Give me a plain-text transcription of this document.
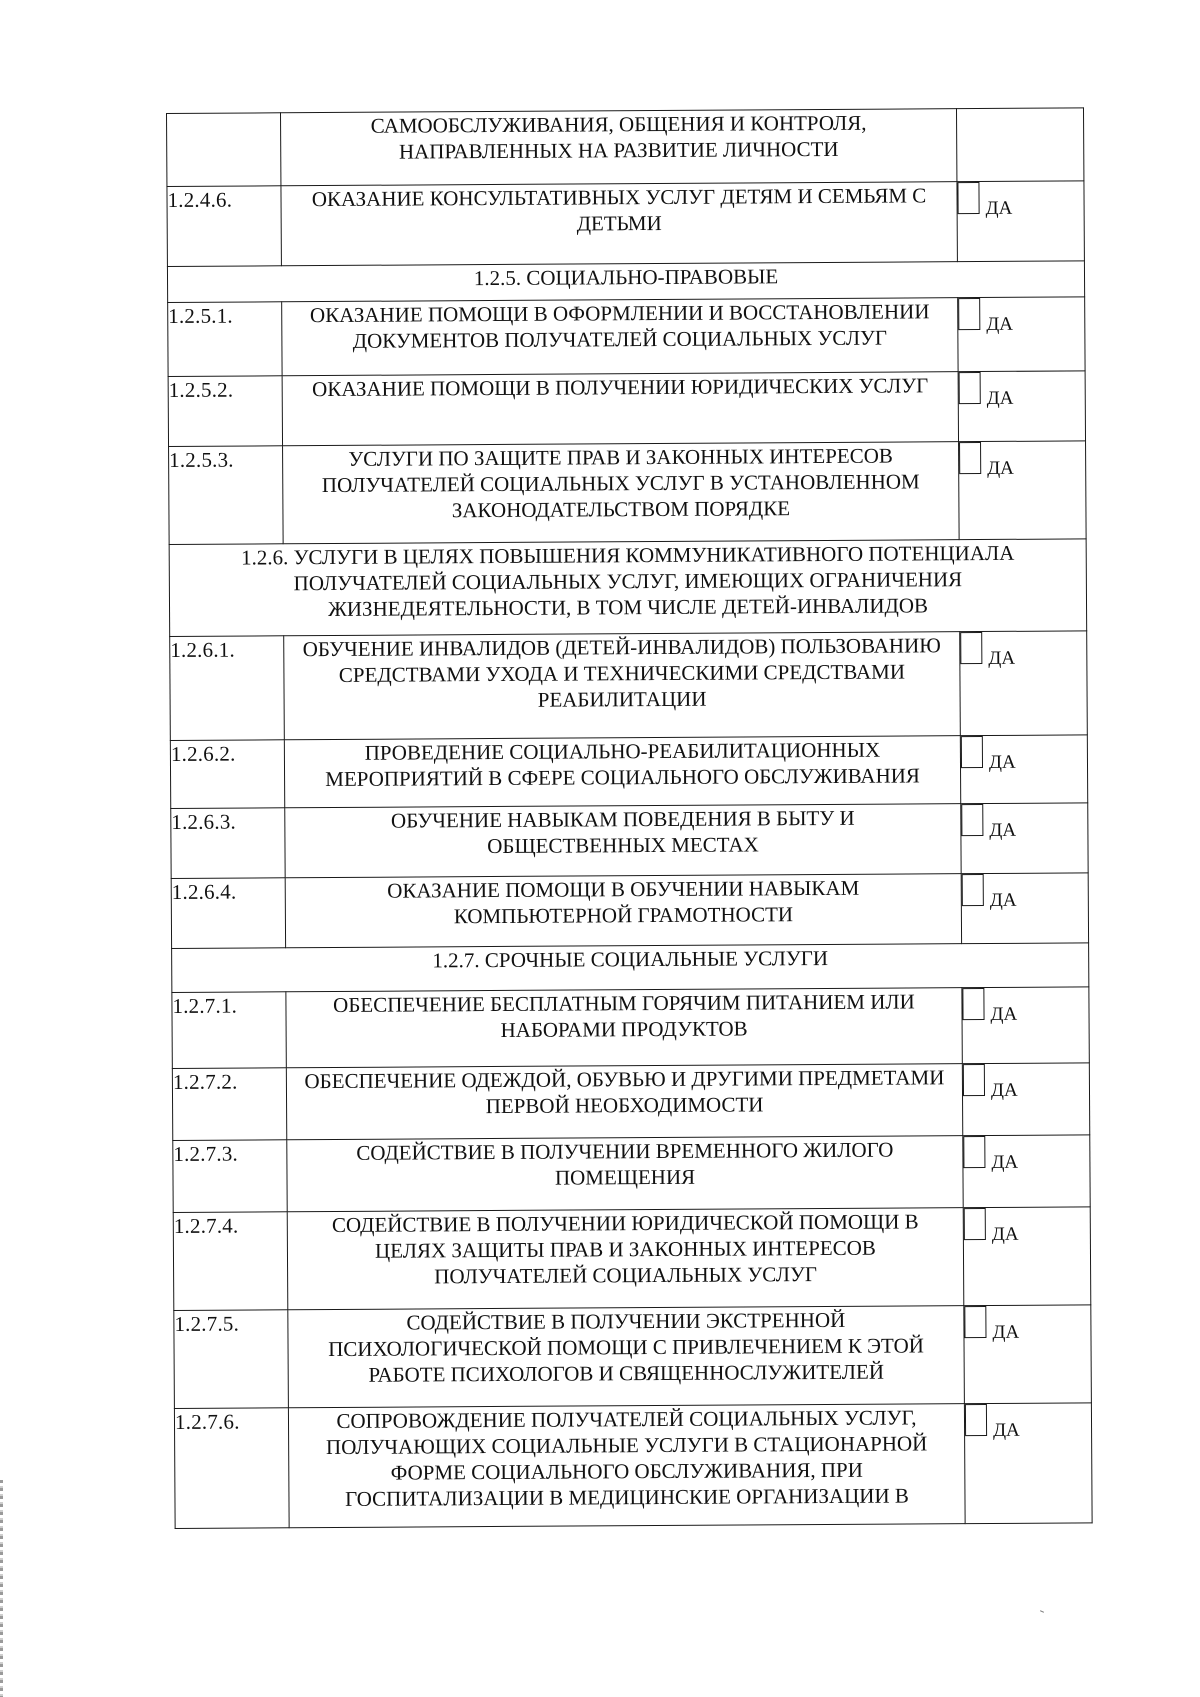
	САМООБСЛУЖИВАНИЯ, ОБЩЕНИЯ И КОНТРОЛЯ, НАПРАВЛЕННЫХ НА РАЗВИТИЕ ЛИЧНОСТИ	
1.2.4.6.	ОКАЗАНИЕ КОНСУЛЬТАТИВНЫХ УСЛУГ ДЕТЯМ И СЕМЬЯМ С ДЕТЬМИ	ДА
1.2.5. СОЦИАЛЬНО-ПРАВОВЫЕ		
1.2.5.1.	ОКАЗАНИЕ ПОМОЩИ В ОФОРМЛЕНИИ И ВОССТАНОВЛЕНИИ ДОКУМЕНТОВ ПОЛУЧАТЕЛЕЙ СОЦИАЛЬНЫХ УСЛУГ	ДА
1.2.5.2.	ОКАЗАНИЕ ПОМОЩИ В ПОЛУЧЕНИИ ЮРИДИЧЕСКИХ УСЛУГ	ДА
1.2.5.3.	УСЛУГИ ПО ЗАЩИТЕ ПРАВ И ЗАКОННЫХ ИНТЕРЕСОВ ПОЛУЧАТЕЛЕЙ СОЦИАЛЬНЫХ УСЛУГ В УСТАНОВЛЕННОМ ЗАКОНОДАТЕЛЬСТВОМ ПОРЯДКЕ	ДА
1.2.6. УСЛУГИ В ЦЕЛЯХ ПОВЫШЕНИЯ КОММУНИКАТИВНОГО ПОТЕНЦИАЛА ПОЛУЧАТЕЛЕЙ СОЦИАЛЬНЫХ УСЛУГ, ИМЕЮЩИХ ОГРАНИЧЕНИЯ ЖИЗНЕДЕЯТЕЛЬНОСТИ, В ТОМ ЧИСЛЕ ДЕТЕЙ-ИНВАЛИДОВ		
1.2.6.1.	ОБУЧЕНИЕ ИНВАЛИДОВ (ДЕТЕЙ-ИНВАЛИДОВ) ПОЛЬЗОВАНИЮ СРЕДСТВАМИ УХОДА И ТЕХНИЧЕСКИМИ СРЕДСТВАМИ РЕАБИЛИТАЦИИ	ДА
1.2.6.2.	ПРОВЕДЕНИЕ СОЦИАЛЬНО-РЕАБИЛИТАЦИОННЫХ МЕРОПРИЯТИЙ В СФЕРЕ СОЦИАЛЬНОГО ОБСЛУЖИВАНИЯ	ДА
1.2.6.3.	ОБУЧЕНИЕ НАВЫКАМ ПОВЕДЕНИЯ В БЫТУ И ОБЩЕСТВЕННЫХ МЕСТАХ	ДА
1.2.6.4.	ОКАЗАНИЕ ПОМОЩИ В ОБУЧЕНИИ НАВЫКАМ КОМПЬЮТЕРНОЙ ГРАМОТНОСТИ	ДА
1.2.7. СРОЧНЫЕ СОЦИАЛЬНЫЕ УСЛУГИ		
1.2.7.1.	ОБЕСПЕЧЕНИЕ БЕСПЛАТНЫМ ГОРЯЧИМ ПИТАНИЕМ ИЛИ НАБОРАМИ ПРОДУКТОВ	ДА
1.2.7.2.	ОБЕСПЕЧЕНИЕ ОДЕЖДОЙ, ОБУВЬЮ И ДРУГИМИ ПРЕДМЕТАМИ ПЕРВОЙ НЕОБХОДИМОСТИ	ДА
1.2.7.3.	СОДЕЙСТВИЕ В ПОЛУЧЕНИИ ВРЕМЕННОГО ЖИЛОГО ПОМЕЩЕНИЯ	ДА
1.2.7.4.	СОДЕЙСТВИЕ В ПОЛУЧЕНИИ ЮРИДИЧЕСКОЙ ПОМОЩИ В ЦЕЛЯХ ЗАЩИТЫ ПРАВ И ЗАКОННЫХ ИНТЕРЕСОВ ПОЛУЧАТЕЛЕЙ СОЦИАЛЬНЫХ УСЛУГ	ДА
1.2.7.5.	СОДЕЙСТВИЕ В ПОЛУЧЕНИИ ЭКСТРЕННОЙ ПСИХОЛОГИЧЕСКОЙ ПОМОЩИ С ПРИВЛЕЧЕНИЕМ К ЭТОЙ РАБОТЕ ПСИХОЛОГОВ И СВЯЩЕННОСЛУЖИТЕЛЕЙ	ДА
1.2.7.6.	СОПРОВОЖДЕНИЕ ПОЛУЧАТЕЛЕЙ СОЦИАЛЬНЫХ УСЛУГ, ПОЛУЧАЮЩИХ СОЦИАЛЬНЫЕ УСЛУГИ В СТАЦИОНАРНОЙ ФОРМЕ СОЦИАЛЬНОГО ОБСЛУЖИВАНИЯ, ПРИ ГОСПИТАЛИЗАЦИИ В МЕДИЦИНСКИЕ ОРГАНИЗАЦИИ В	ДА
